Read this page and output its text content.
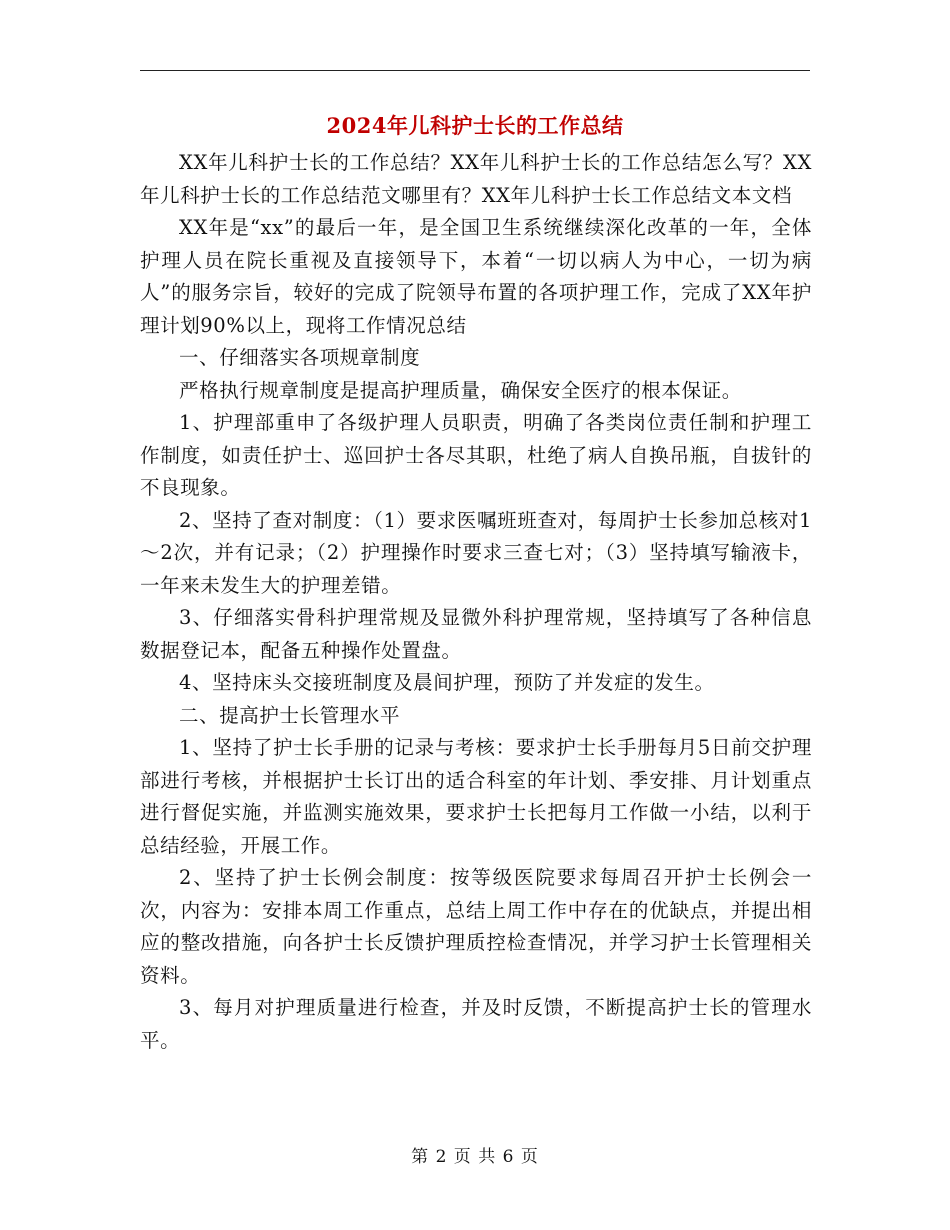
2024年儿科护士长的工作总结

XX年儿科护士长的工作总结？XX年儿科护士长的工作总结怎么写？XX年儿科护士长的工作总结范文哪里有？XX年儿科护士长工作总结文本文档

XX年是“xx”的最后一年，是全国卫生系统继续深化改革的一年，全体护理人员在院长重视及直接领导下，本着“一切以病人为中心，一切为病人”的服务宗旨，较好的完成了院领导布置的各项护理工作，完成了XX年护理计划90%以上，现将工作情况总结

一、仔细落实各项规章制度

严格执行规章制度是提高护理质量，确保安全医疗的根本保证。

1、护理部重申了各级护理人员职责，明确了各类岗位责任制和护理工作制度，如责任护士、巡回护士各尽其职，杜绝了病人自换吊瓶，自拔针的不良现象。

2、坚持了查对制度：（1）要求医嘱班班查对，每周护士长参加总核对1～2次，并有记录；（2）护理操作时要求三查七对；（3）坚持填写输液卡，一年来未发生大的护理差错。

3、仔细落实骨科护理常规及显微外科护理常规，坚持填写了各种信息数据登记本，配备五种操作处置盘。

4、坚持床头交接班制度及晨间护理，预防了并发症的发生。

二、提高护士长管理水平

1、坚持了护士长手册的记录与考核：要求护士长手册每月5日前交护理部进行考核，并根据护士长订出的适合科室的年计划、季安排、月计划重点进行督促实施，并监测实施效果，要求护士长把每月工作做一小结，以利于总结经验，开展工作。

2、坚持了护士长例会制度：按等级医院要求每周召开护士长例会一次，内容为：安排本周工作重点，总结上周工作中存在的优缺点，并提出相应的整改措施，向各护士长反馈护理质控检查情况，并学习护士长管理相关资料。

3、每月对护理质量进行检查，并及时反馈，不断提高护士长的管理水平。

第 2 页 共 6 页
